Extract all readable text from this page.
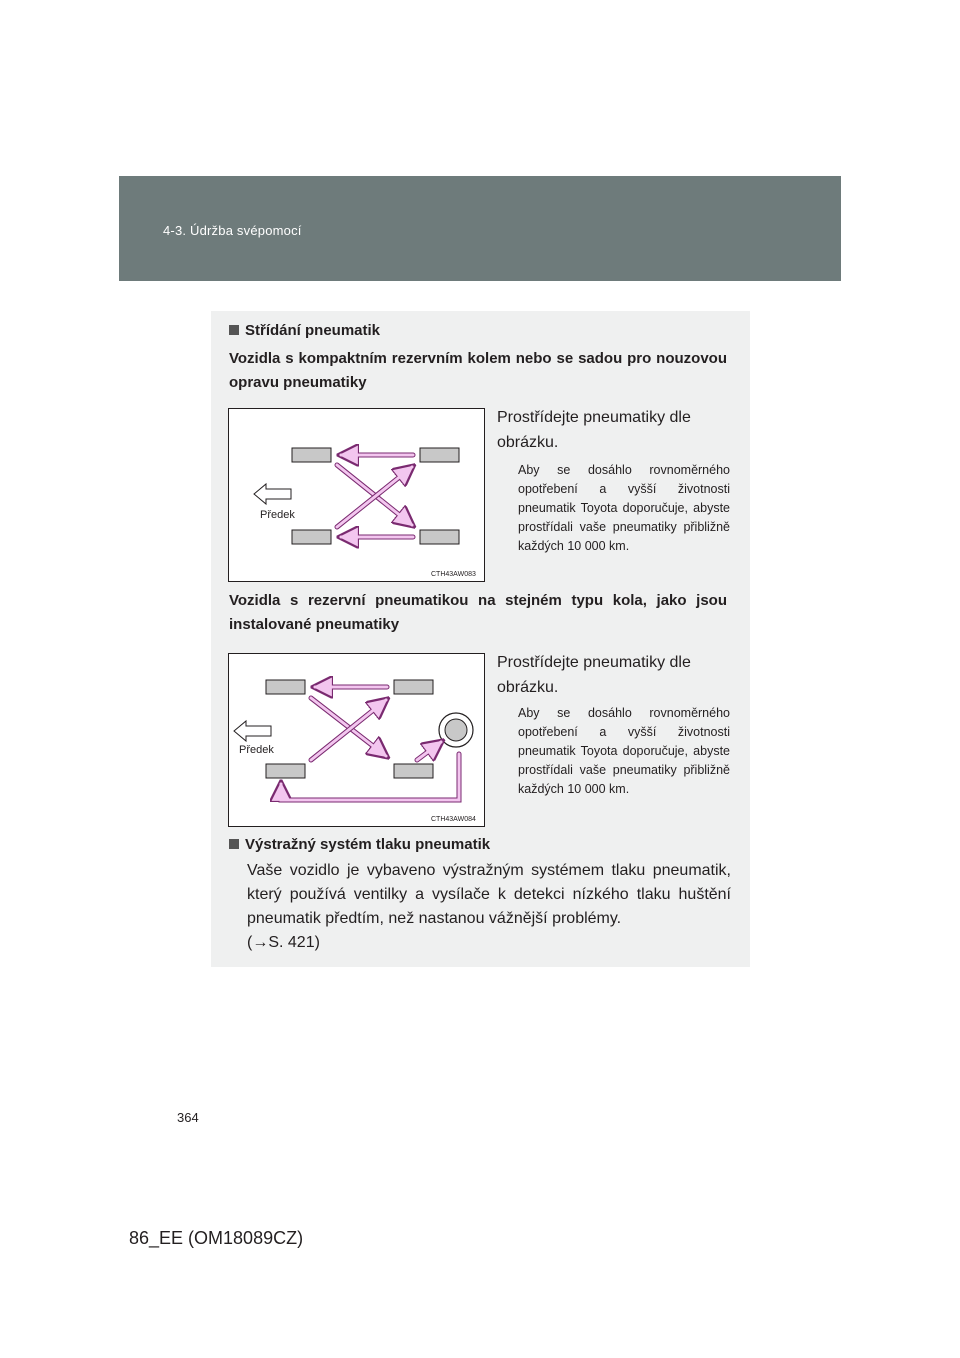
4-3. Údržba svépomocí
Střídání pneumatik
Vozidla s kompaktním rezervním kolem nebo se sadou pro nouzovou opravu pneumatiky
Předek
CTH43AW083
Prostřídejte pneumatiky dle obrázku.
Aby se dosáhlo rovnoměrného opotřebení a vyšší životnosti pneumatik Toyota doporučuje, abyste prostřídali vaše pneumatiky přibližně každých 10 000 km.
Vozidla s rezervní pneumatikou na stejném typu kola, jako jsou instalované pneumatiky
Předek
CTH43AW084
Prostřídejte pneumatiky dle obrázku.
Aby se dosáhlo rovnoměrného opotřebení a vyšší životnosti pneumatik Toyota doporučuje, abyste prostřídali vaše pneumatiky přibližně každých 10 000 km.
Výstražný systém tlaku pneumatik
Vaše vozidlo je vybaveno výstražným systémem tlaku pneumatik, který používá ventilky a vysílače k detekci nízkého tlaku huštění pneumatik předtím, než nastanou vážnější problémy.
(→S. 421)
364
86_EE (OM18089CZ)
